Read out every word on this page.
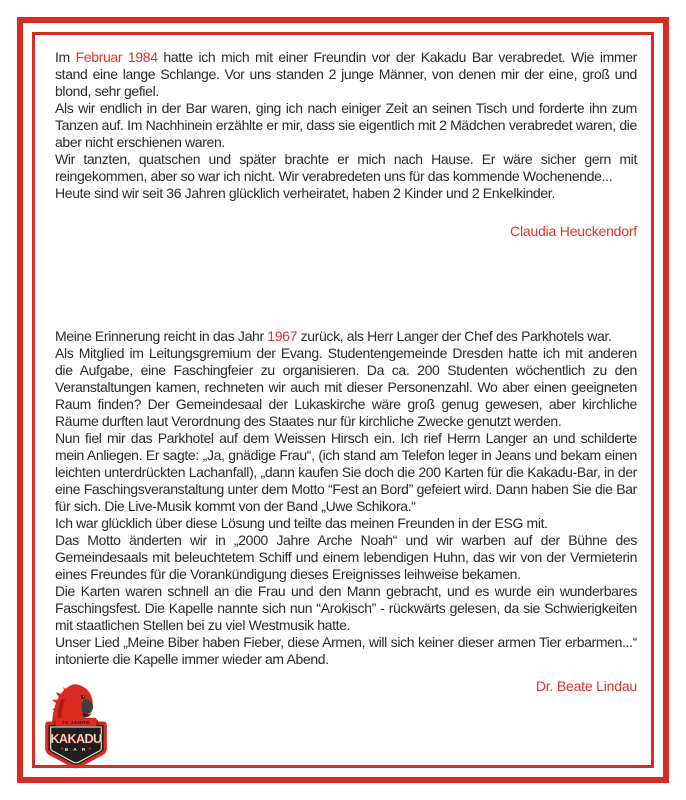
Im Februar 1984 hatte ich mich mit einer Freundin vor der Kakadu Bar verabredet. Wie immer stand eine lange Schlange. Vor uns standen 2 junge Männer, von denen mir der eine, groß und blond, sehr gefiel.

Als wir endlich in der Bar waren, ging ich nach einiger Zeit an seinen Tisch und forderte ihn zum Tanzen auf. Im Nachhinein erzählte er mir, dass sie eigentlich mit 2 Mädchen verabredet waren, die aber nicht erschienen waren.

Wir tanzten, quatschen und später brachte er mich nach Hause. Er wäre sicher gern mit reingekommen, aber so war ich nicht. Wir verabredeten uns für das kommende Wochenende...

Heute sind wir seit 36 Jahren glücklich verheiratet, haben 2 Kinder und 2 Enkelkinder.

Claudia Heuckendorf

Meine Erinnerung reicht in das Jahr 1967 zurück, als Herr Langer der Chef des Parkhotels war.

Als Mitglied im Leitungsgremium der Evang. Studentengemeinde Dresden hatte ich mit anderen die Aufgabe, eine Faschingfeier zu organisieren. Da ca. 200 Studenten wöchentlich zu den Veranstaltungen kamen, rechneten wir auch mit dieser Personenzahl. Wo aber einen geeigneten Raum finden? Der Gemeindesaal der Lukaskirche wäre groß genug gewesen, aber kirchliche Räume durften laut Verordnung des Staates nur für kirchliche Zwecke genutzt werden.

Nun fiel mir das Parkhotel auf dem Weissen Hirsch ein. Ich rief Herrn Langer an und schilderte mein Anliegen. Er sagte: „Ja, gnädige Frau“, (ich stand am Telefon leger in Jeans und bekam einen leichten unterdrückten Lachanfall), „dann kaufen Sie doch die 200 Karten für die Kakadu-Bar, in der eine Faschingsveranstaltung unter dem Motto “Fest an Bord” gefeiert wird. Dann haben Sie die Bar für sich. Die Live-Musik kommt von der Band „Uwe Schikora.“

Ich war glücklich über diese Lösung und teilte das meinen Freunden in der ESG mit.

Das Motto änderten wir in „2000 Jahre Arche Noah“ und wir warben auf der Bühne des Gemeindesaals mit beleuchtetem Schiff und einem lebendigen Huhn, das wir von der Vermieterin eines Freundes für die Vorankündigung dieses Ereignisses leihweise bekamen.

Die Karten waren schnell an die Frau und den Mann gebracht, und es wurde ein wunderbares Faschingsfest. Die Kapelle nannte sich nun “Arokisch” - rückwärts gelesen, da sie Schwierigkeiten mit staatlichen Stellen bei zu viel Westmusik hatte.

Unser Lied „Meine Biber haben Fieber, diese Armen, will sich keiner dieser armen Tier erbarmen...“ intonierte die Kapelle immer wieder am Abend.

Dr. Beate Lindau
70 JAHRE
KAKADU
B A R
